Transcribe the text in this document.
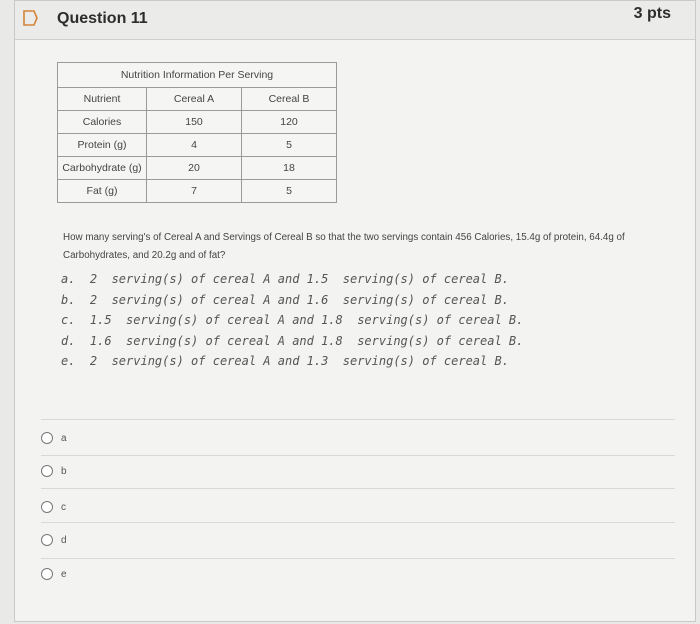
Question 11	3 pts
Nutrition Information Per Serving		
Nutrient	Cereal A	Cereal B
Calories	150	120
Protein (g)	4	5
Carbohydrate (g)	20	18
Fat (g)	7	5
How many serving's of Cereal A and Servings of Cereal B so that the two servings contain 456 Calories, 15.4g of protein, 64.4g of Carbohydrates, and 20.2g and of fat?
a.  2  serving(s) of cereal A and 1.5  serving(s) of cereal B.
b.  2  serving(s) of cereal A and 1.6  serving(s) of cereal B.
c.  1.5  serving(s) of cereal A and 1.8  serving(s) of cereal B.
d.  1.6  serving(s) of cereal A and 1.8  serving(s) of cereal B.
e.  2  serving(s) of cereal A and 1.3  serving(s) of cereal B.
a
b
c
d
e
